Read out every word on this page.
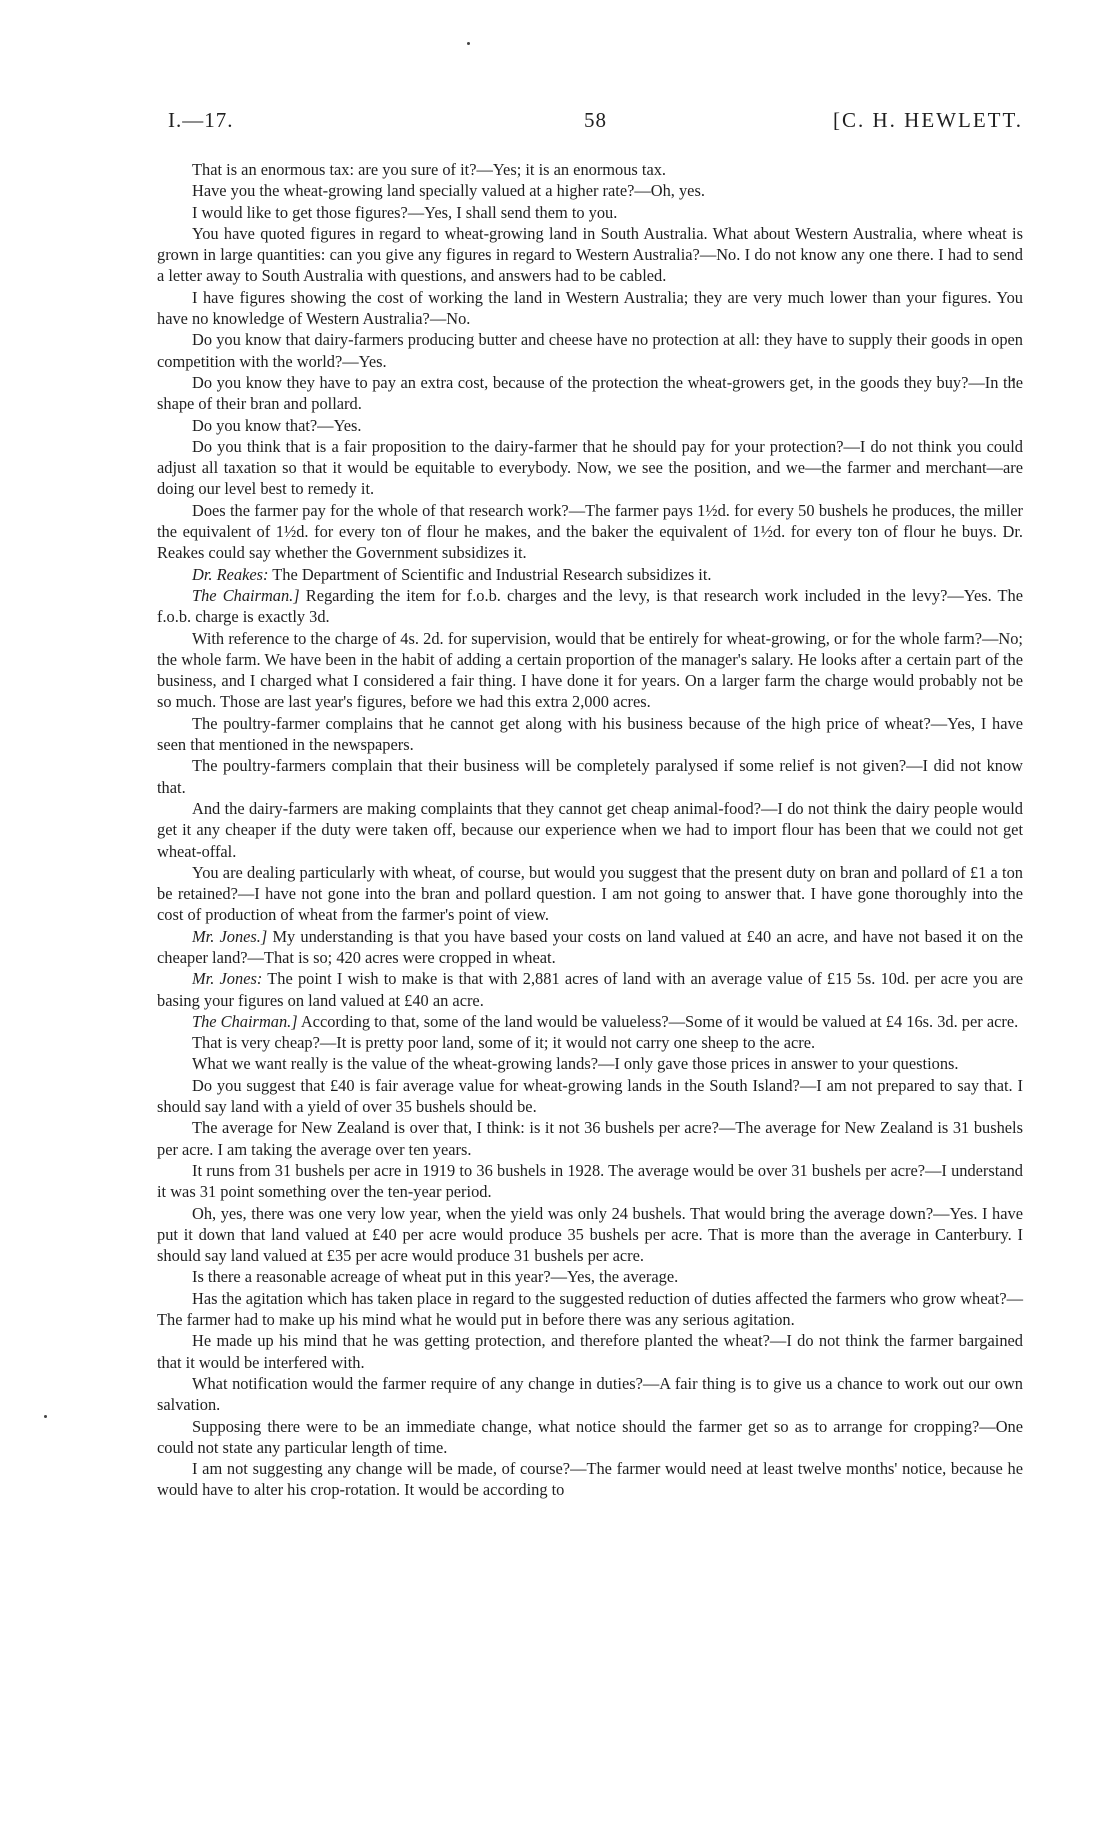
I.—17.	58	[C. H. HEWLETT.

That is an enormous tax: are you sure of it?—Yes; it is an enormous tax.

Have you the wheat-growing land specially valued at a higher rate?—Oh, yes.

I would like to get those figures?—Yes, I shall send them to you.

You have quoted figures in regard to wheat-growing land in South Australia. What about Western Australia, where wheat is grown in large quantities: can you give any figures in regard to Western Australia?—No. I do not know any one there. I had to send a letter away to South Australia with questions, and answers had to be cabled.

I have figures showing the cost of working the land in Western Australia; they are very much lower than your figures. You have no knowledge of Western Australia?—No.

Do you know that dairy-farmers producing butter and cheese have no protection at all: they have to supply their goods in open competition with the world?—Yes.

Do you know they have to pay an extra cost, because of the protection the wheat-growers get, in the goods they buy?—In the shape of their bran and pollard.

Do you know that?—Yes.

Do you think that is a fair proposition to the dairy-farmer that he should pay for your protection?—I do not think you could adjust all taxation so that it would be equitable to everybody. Now, we see the position, and we—the farmer and merchant—are doing our level best to remedy it.

Does the farmer pay for the whole of that research work?—The farmer pays 1½d. for every 50 bushels he produces, the miller the equivalent of 1½d. for every ton of flour he makes, and the baker the equivalent of 1½d. for every ton of flour he buys. Dr. Reakes could say whether the Government subsidizes it.

Dr. Reakes: The Department of Scientific and Industrial Research subsidizes it.

The Chairman.] Regarding the item for f.o.b. charges and the levy, is that research work included in the levy?—Yes. The f.o.b. charge is exactly 3d.

With reference to the charge of 4s. 2d. for supervision, would that be entirely for wheat-growing, or for the whole farm?—No; the whole farm. We have been in the habit of adding a certain proportion of the manager's salary. He looks after a certain part of the business, and I charged what I considered a fair thing. I have done it for years. On a larger farm the charge would probably not be so much. Those are last year's figures, before we had this extra 2,000 acres.

The poultry-farmer complains that he cannot get along with his business because of the high price of wheat?—Yes, I have seen that mentioned in the newspapers.

The poultry-farmers complain that their business will be completely paralysed if some relief is not given?—I did not know that.

And the dairy-farmers are making complaints that they cannot get cheap animal-food?—I do not think the dairy people would get it any cheaper if the duty were taken off, because our experience when we had to import flour has been that we could not get wheat-offal.

You are dealing particularly with wheat, of course, but would you suggest that the present duty on bran and pollard of £1 a ton be retained?—I have not gone into the bran and pollard question. I am not going to answer that. I have gone thoroughly into the cost of production of wheat from the farmer's point of view.

Mr. Jones.] My understanding is that you have based your costs on land valued at £40 an acre, and have not based it on the cheaper land?—That is so; 420 acres were cropped in wheat.

Mr. Jones: The point I wish to make is that with 2,881 acres of land with an average value of £15 5s. 10d. per acre you are basing your figures on land valued at £40 an acre.

The Chairman.] According to that, some of the land would be valueless?—Some of it would be valued at £4 16s. 3d. per acre.

That is very cheap?—It is pretty poor land, some of it; it would not carry one sheep to the acre.

What we want really is the value of the wheat-growing lands?—I only gave those prices in answer to your questions.

Do you suggest that £40 is fair average value for wheat-growing lands in the South Island?—I am not prepared to say that. I should say land with a yield of over 35 bushels should be.

The average for New Zealand is over that, I think: is it not 36 bushels per acre?—The average for New Zealand is 31 bushels per acre. I am taking the average over ten years.

It runs from 31 bushels per acre in 1919 to 36 bushels in 1928. The average would be over 31 bushels per acre?—I understand it was 31 point something over the ten-year period.

Oh, yes, there was one very low year, when the yield was only 24 bushels. That would bring the average down?—Yes. I have put it down that land valued at £40 per acre would produce 35 bushels per acre. That is more than the average in Canterbury. I should say land valued at £35 per acre would produce 31 bushels per acre.

Is there a reasonable acreage of wheat put in this year?—Yes, the average.

Has the agitation which has taken place in regard to the suggested reduction of duties affected the farmers who grow wheat?—The farmer had to make up his mind what he would put in before there was any serious agitation.

He made up his mind that he was getting protection, and therefore planted the wheat?—I do not think the farmer bargained that it would be interfered with.

What notification would the farmer require of any change in duties?—A fair thing is to give us a chance to work out our own salvation.

Supposing there were to be an immediate change, what notice should the farmer get so as to arrange for cropping?—One could not state any particular length of time.

I am not suggesting any change will be made, of course?—The farmer would need at least twelve months' notice, because he would have to alter his crop-rotation. It would be according to
